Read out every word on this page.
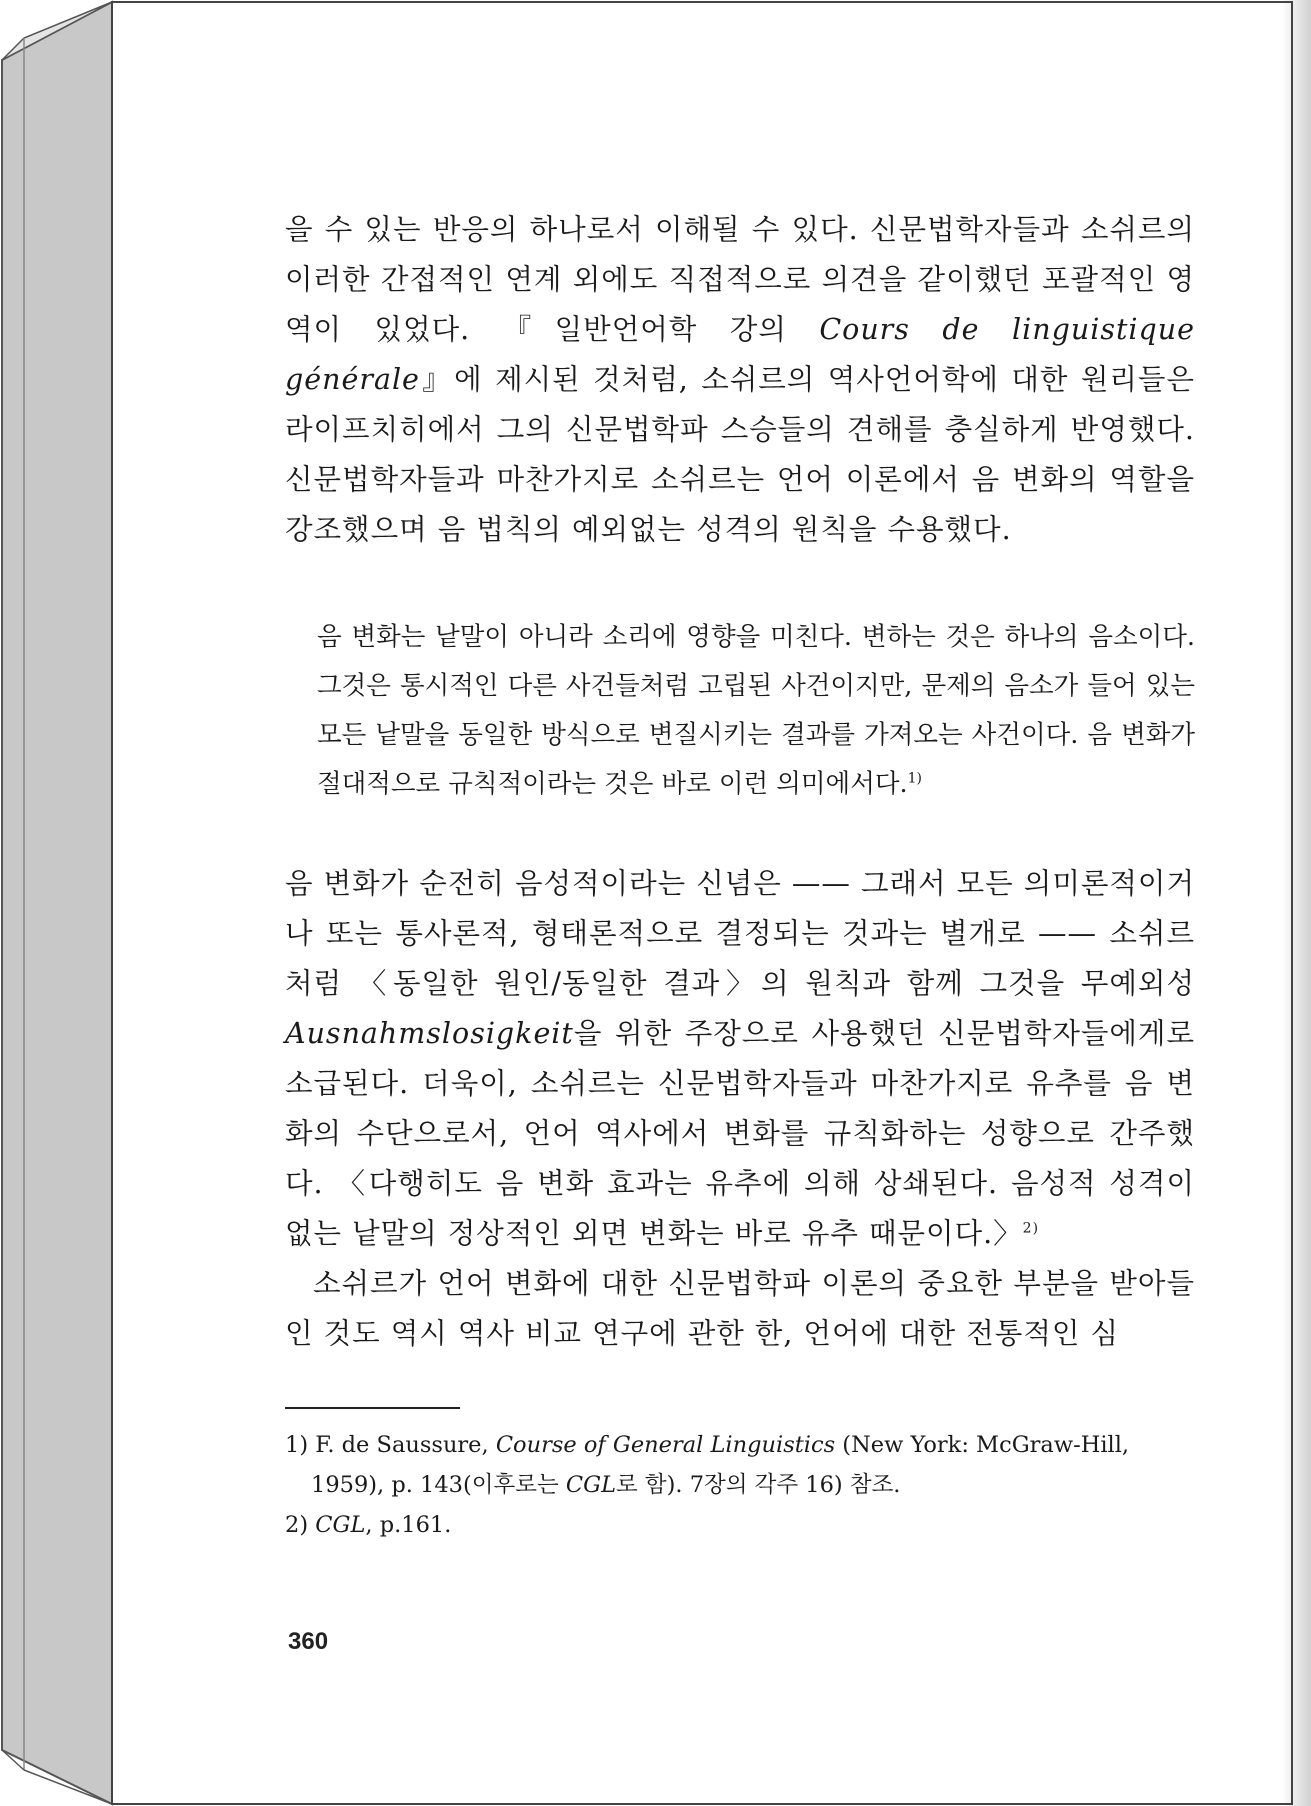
을 수 있는 반응의 하나로서 이해될 수 있다. 신문법학자들과 소쉬르의 이러한 간접적인 연계 외에도 직접적으로 의견을 같이했던 포괄적인 영역이 있었다. 『일반언어학 강의 Cours de linguistique générale』에 제시된 것처럼, 소쉬르의 역사언어학에 대한 원리들은 라이프치히에서 그의 신문법학파 스승들의 견해를 충실하게 반영했다. 신문법학자들과 마찬가지로 소쉬르는 언어 이론에서 음 변화의 역할을 강조했으며 음 법칙의 예외없는 성격의 원칙을 수용했다.

음 변화는 낱말이 아니라 소리에 영향을 미친다. 변하는 것은 하나의 음소이다. 그것은 통시적인 다른 사건들처럼 고립된 사건이지만, 문제의 음소가 들어 있는 모든 낱말을 동일한 방식으로 변질시키는 결과를 가져오는 사건이다. 음 변화가 절대적으로 규칙적이라는 것은 바로 이런 의미에서다.$^{1)}$

음 변화가 순전히 음성적이라는 신념은 —— 그래서 모든 의미론적이거나 또는 통사론적, 형태론적으로 결정되는 것과는 별개로 —— 소쉬르처럼 〈동일한 원인/동일한 결과〉의 원칙과 함께 그것을 무예외성 Ausnahmslosigkeit을 위한 주장으로 사용했던 신문법학자들에게로 소급된다. 더욱이, 소쉬르는 신문법학자들과 마찬가지로 유추를 음 변화의 수단으로서, 언어 역사에서 변화를 규칙화하는 성향으로 간주했다. 〈다행히도 음 변화 효과는 유추에 의해 상쇄된다. 음성적 성격이 없는 낱말의 정상적인 외면 변화는 바로 유추 때문이다.〉$^{2)}$

소쉬르가 언어 변화에 대한 신문법학파 이론의 중요한 부분을 받아들인 것도 역시 역사 비교 연구에 관한 한, 언어에 대한 전통적인 심

1) F. de Saussure, Course of General Linguistics (New York: McGraw-Hill,
1959), p. 143(이후로는 CGL로 함). 7장의 각주 16) 참조.
2) CGL, p.161.
360
